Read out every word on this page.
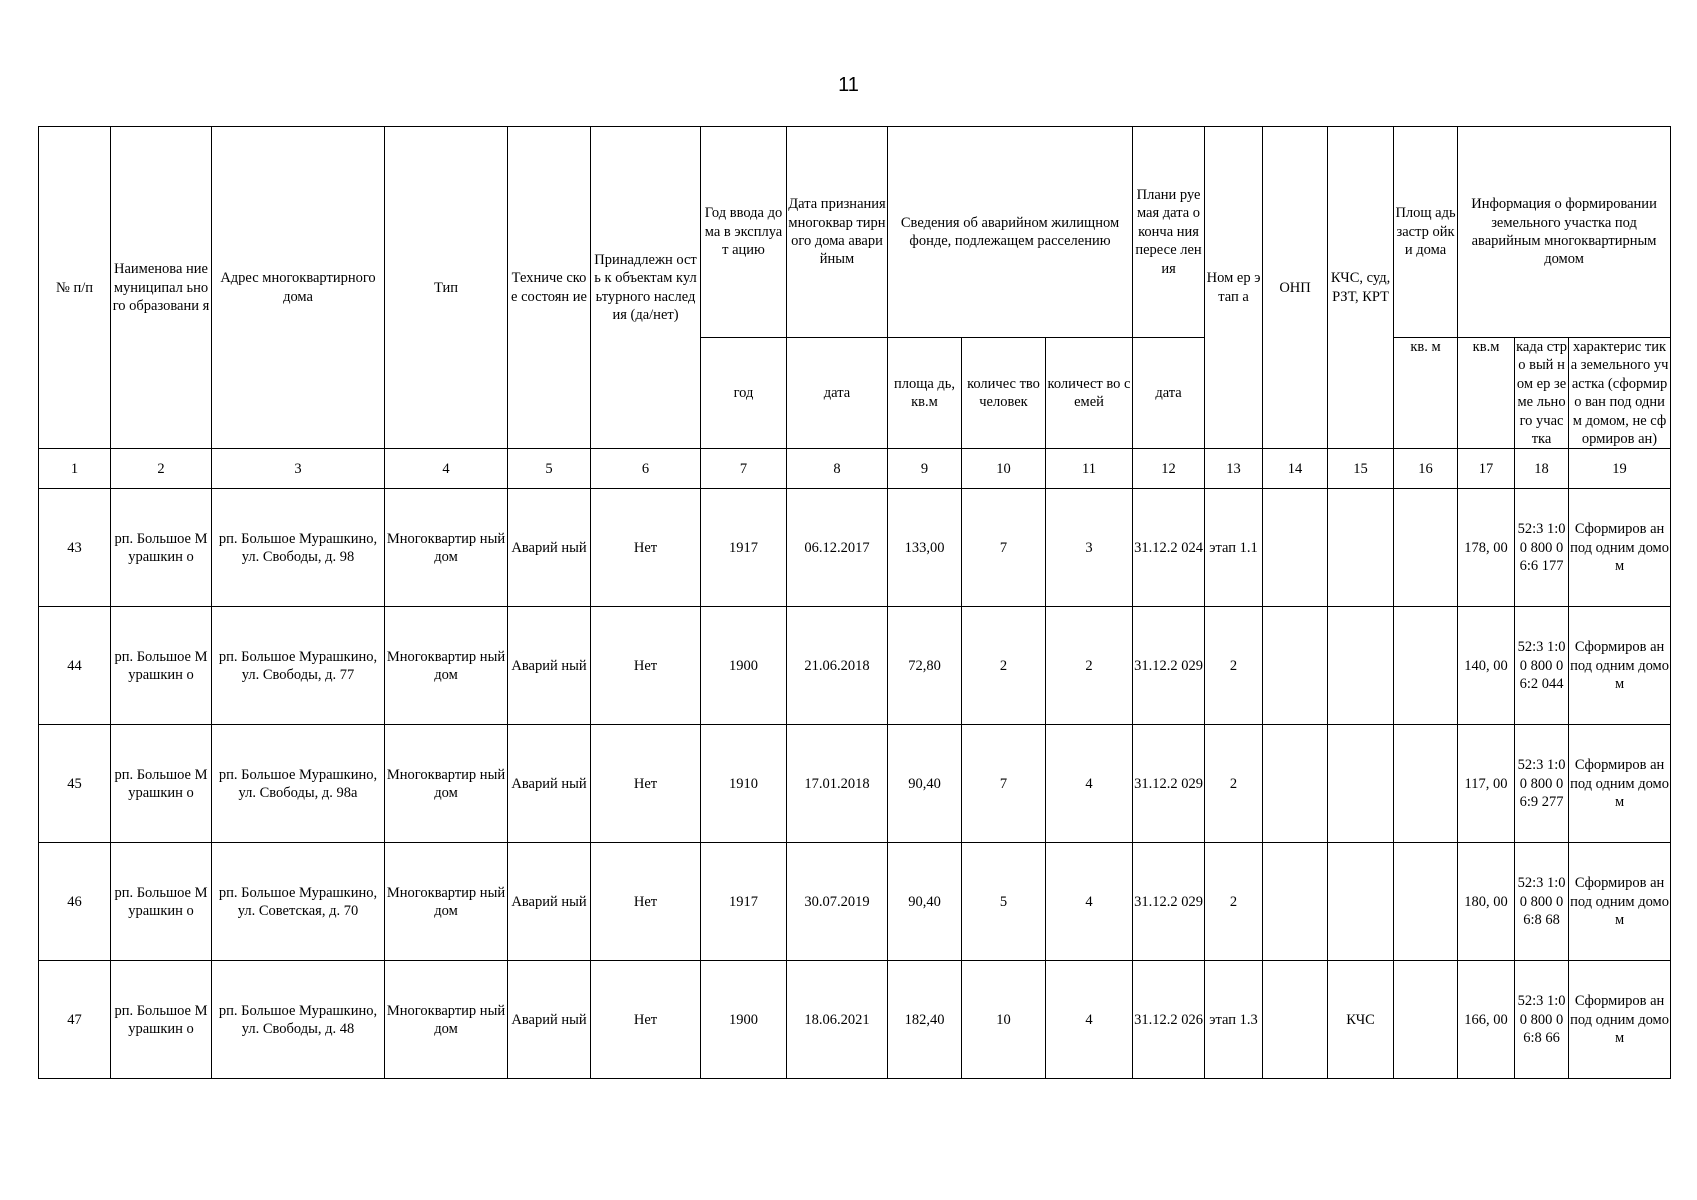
11
№ п/п	Наименова ние муниципал ьного образовани я	Адрес многоквартирного дома	Тип	Техниче ское состоян ие	Принадлежн ость к объектам культурного наследия (да/нет)	Год ввода дома в эксплуат ацию	Дата признания многоквар тирного дома аварийным	Сведения об аварийном жилищном фонде, подлежащем расселению			Плани руемая дата оконча ния пересе ления	Ном ер этап а	ОНП	КЧС, суд, РЗТ, КРТ	Площ адь застр ойки дома	Информация о формировании земельного участка под аварийным многоквартирным домом		
						год	дата	площа дь, кв.м	количес тво человек	количест во семей	дата				кв. м	кв.м	када стро вый ном ер земе льно го учас тка	характерис тика земельного участка (сформиро ван под одним домом, не сформиров ан)
1	2	3	4	5	6	7	8	9	10	11	12	13	14	15	16	17	18	19
43	рп. Большое Мурашкин о	рп. Большое Мурашкино, ул. Свободы, д. 98	Многоквартир ный дом	Аварий ный	Нет	1917	06.12.2017	133,00	7	3	31.12.2 024	этап 1.1				178, 00	52:3 1:00 800 06:6 177	Сформиров ан под одним домом
44	рп. Большое Мурашкин о	рп. Большое Мурашкино, ул. Свободы, д. 77	Многоквартир ный дом	Аварий ный	Нет	1900	21.06.2018	72,80	2	2	31.12.2 029	2				140, 00	52:3 1:00 800 06:2 044	Сформиров ан под одним домом
45	рп. Большое Мурашкин о	рп. Большое Мурашкино, ул. Свободы, д. 98а	Многоквартир ный дом	Аварий ный	Нет	1910	17.01.2018	90,40	7	4	31.12.2 029	2				117, 00	52:3 1:00 800 06:9 277	Сформиров ан под одним домом
46	рп. Большое Мурашкин о	рп. Большое Мурашкино, ул. Советская, д. 70	Многоквартир ный дом	Аварий ный	Нет	1917	30.07.2019	90,40	5	4	31.12.2 029	2				180, 00	52:3 1:00 800 06:8 68	Сформиров ан под одним домом
47	рп. Большое Мурашкин о	рп. Большое Мурашкино, ул. Свободы, д. 48	Многоквартир ный дом	Аварий ный	Нет	1900	18.06.2021	182,40	10	4	31.12.2 026	этап 1.3		КЧС		166, 00	52:3 1:00 800 06:8 66	Сформиров ан под одним домом
